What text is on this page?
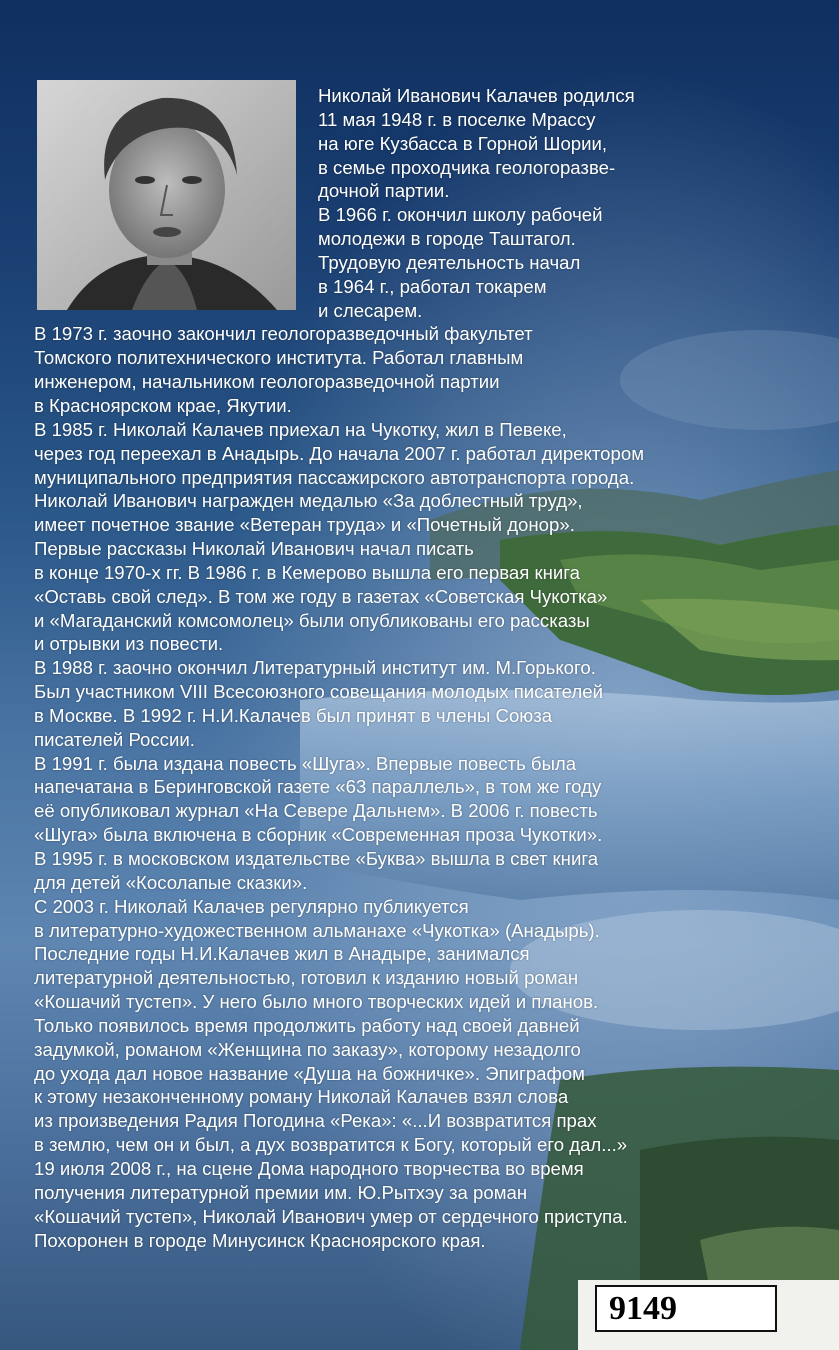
Николай Иванович Калачев родился
11 мая 1948 г. в поселке Мрассу
на юге Кузбасса в Горной Шории,
в семье проходчика геологоразве-
дочной партии.
В 1966 г. окончил школу рабочей
молодежи в городе Таштагол.
Трудовую деятельность начал
в 1964 г., работал токарем
и слесарем.
В 1973 г. заочно закончил геологоразведочный факультет
Томского политехнического института. Работал главным
инженером, начальником геологоразведочной партии
в Красноярском крае, Якутии.
В 1985 г. Николай Калачев приехал на Чукотку, жил в Певеке,
через год переехал в Анадырь. До начала 2007 г. работал директором
муниципального предприятия пассажирского автотранспорта города.
Николай Иванович награжден медалью «За доблестный труд»,
имеет почетное звание «Ветеран труда» и «Почетный донор».
Первые рассказы Николай Иванович начал писать
в конце 1970-х гг. В 1986 г. в Кемерово вышла его первая книга
«Оставь свой след». В том же году в газетах «Советская Чукотка»
и «Магаданский комсомолец» были опубликованы его рассказы
и отрывки из повести.
В 1988 г. заочно окончил Литературный институт им. М.Горького.
Был участником VIII Всесоюзного совещания молодых писателей
в Москве. В 1992 г. Н.И.Калачев был принят в члены Союза
писателей России.
В 1991 г. была издана повесть «Шуга». Впервые повесть была
напечатана в Беринговской газете «63 параллель», в том же году
её опубликовал журнал «На Севере Дальнем». В 2006 г. повесть
«Шуга» была включена в сборник «Современная проза Чукотки».
В 1995 г. в московском издательстве «Буква» вышла в свет книга
для детей «Косолапые сказки».
С 2003 г. Николай Калачев регулярно публикуется
в литературно-художественном альманахе «Чукотка» (Анадырь).
Последние годы Н.И.Калачев жил в Анадыре, занимался
литературной деятельностью, готовил к изданию новый роман
«Кошачий тустеп». У него было много творческих идей и планов.
Только появилось время продолжить работу над своей давней
задумкой, романом «Женщина по заказу», которому незадолго
до ухода дал новое название «Душа на божничке». Эпиграфом
к этому незаконченному роману Николай Калачев взял слова
из произведения Радия Погодина «Река»: «...И возвратится прах
в землю, чем он и был, а дух возвратится к Богу, который его дал...»
19 июля 2008 г., на сцене Дома народного творчества во время
получения литературной премии им. Ю.Рытхэу за роман
«Кошачий тустеп», Николай Иванович умер от сердечного приступа.
Похоронен в городе Минусинск Красноярского края.
9149
